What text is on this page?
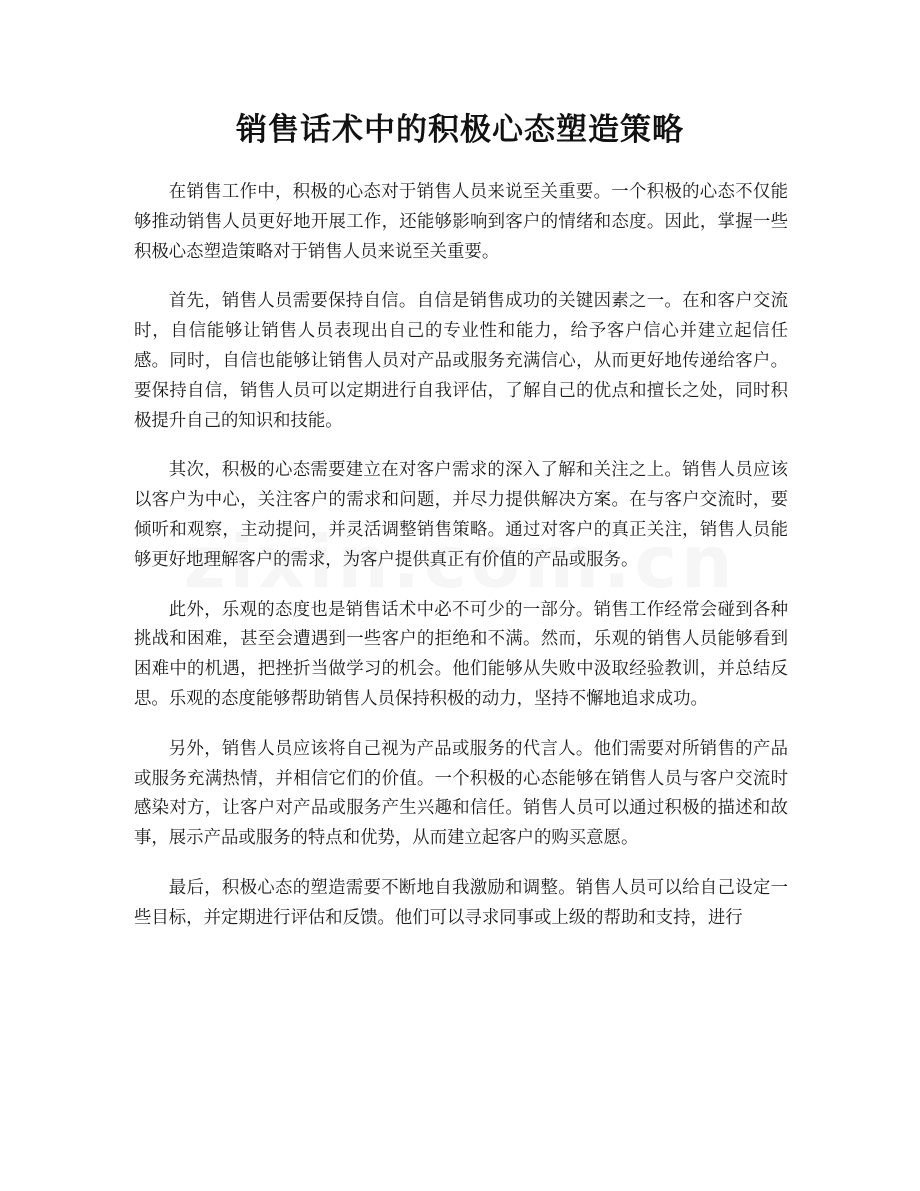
销售话术中的积极心态塑造策略

在销售工作中，积极的心态对于销售人员来说至关重要。一个积极的心态不仅能够推动销售人员更好地开展工作，还能够影响到客户的情绪和态度。因此，掌握一些积极心态塑造策略对于销售人员来说至关重要。

首先，销售人员需要保持自信。自信是销售成功的关键因素之一。在和客户交流时，自信能够让销售人员表现出自己的专业性和能力，给予客户信心并建立起信任感。同时，自信也能够让销售人员对产品或服务充满信心，从而更好地传递给客户。要保持自信，销售人员可以定期进行自我评估，了解自己的优点和擅长之处，同时积极提升自己的知识和技能。

其次，积极的心态需要建立在对客户需求的深入了解和关注之上。销售人员应该以客户为中心，关注客户的需求和问题，并尽力提供解决方案。在与客户交流时，要倾听和观察，主动提问，并灵活调整销售策略。通过对客户的真正关注，销售人员能够更好地理解客户的需求，为客户提供真正有价值的产品或服务。

此外，乐观的态度也是销售话术中必不可少的一部分。销售工作经常会碰到各种挑战和困难，甚至会遭遇到一些客户的拒绝和不满。然而，乐观的销售人员能够看到困难中的机遇，把挫折当做学习的机会。他们能够从失败中汲取经验教训，并总结反思。乐观的态度能够帮助销售人员保持积极的动力，坚持不懈地追求成功。

另外，销售人员应该将自己视为产品或服务的代言人。他们需要对所销售的产品或服务充满热情，并相信它们的价值。一个积极的心态能够在销售人员与客户交流时感染对方，让客户对产品或服务产生兴趣和信任。销售人员可以通过积极的描述和故事，展示产品或服务的特点和优势，从而建立起客户的购买意愿。

最后，积极心态的塑造需要不断地自我激励和调整。销售人员可以给自己设定一些目标，并定期进行评估和反馈。他们可以寻求同事或上级的帮助和支持，进行
